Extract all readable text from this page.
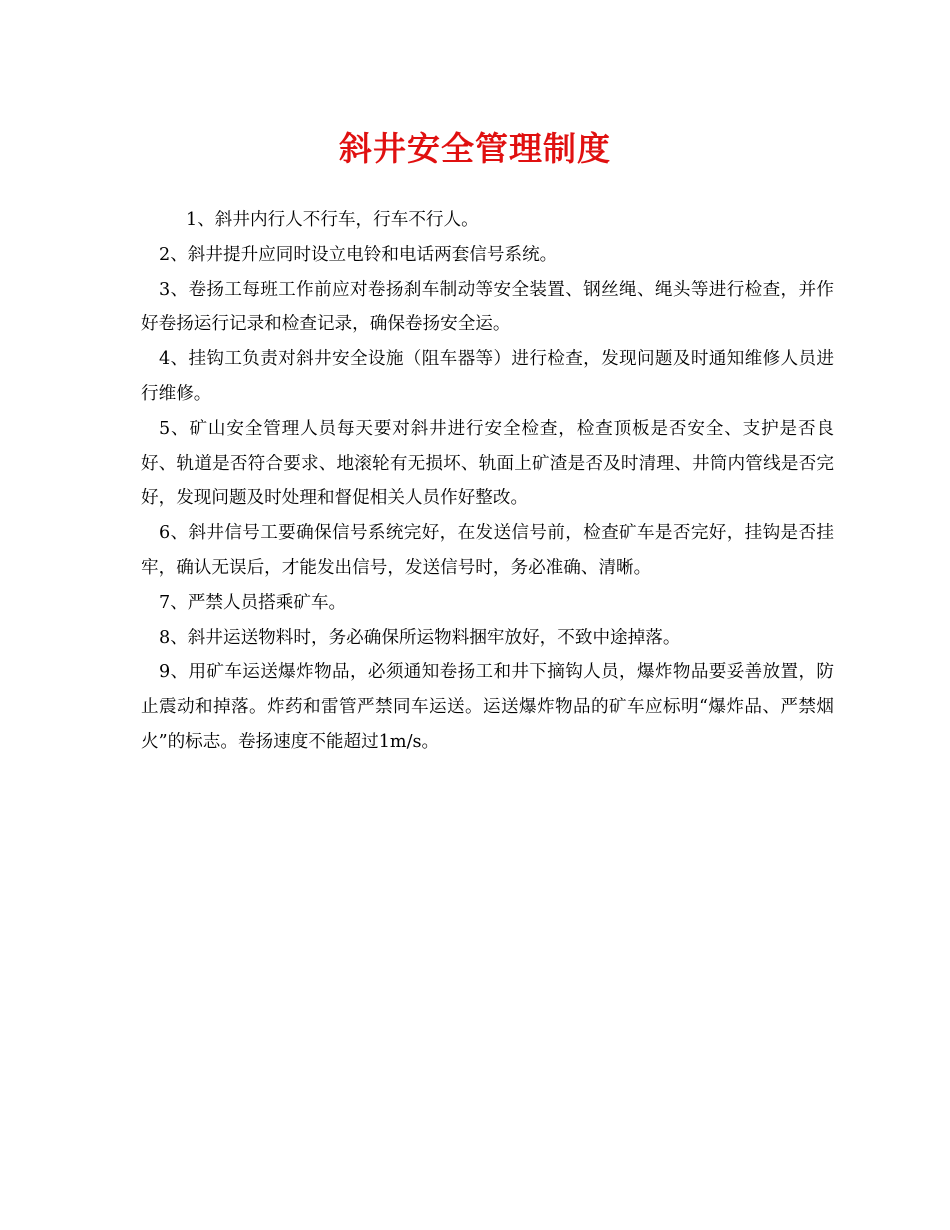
斜井安全管理制度

1、斜井内行人不行车，行车不行人。

2、斜井提升应同时设立电铃和电话两套信号系统。

3、卷扬工每班工作前应对卷扬刹车制动等安全装置、钢丝绳、绳头等进行检查，并作好卷扬运行记录和检查记录，确保卷扬安全运。

4、挂钩工负责对斜井安全设施（阻车器等）进行检查，发现问题及时通知维修人员进行维修。

5、矿山安全管理人员每天要对斜井进行安全检查，检查顶板是否安全、支护是否良好、轨道是否符合要求、地滚轮有无损坏、轨面上矿渣是否及时清理、井筒内管线是否完好，发现问题及时处理和督促相关人员作好整改。

6、斜井信号工要确保信号系统完好，在发送信号前，检查矿车是否完好，挂钩是否挂牢，确认无误后，才能发出信号，发送信号时，务必准确、清晰。

7、严禁人员搭乘矿车。

8、斜井运送物料时，务必确保所运物料捆牢放好，不致中途掉落。

9、用矿车运送爆炸物品，必须通知卷扬工和井下摘钩人员，爆炸物品要妥善放置，防止震动和掉落。炸药和雷管严禁同车运送。运送爆炸物品的矿车应标明“爆炸品、严禁烟火”的标志。卷扬速度不能超过1m/s。
